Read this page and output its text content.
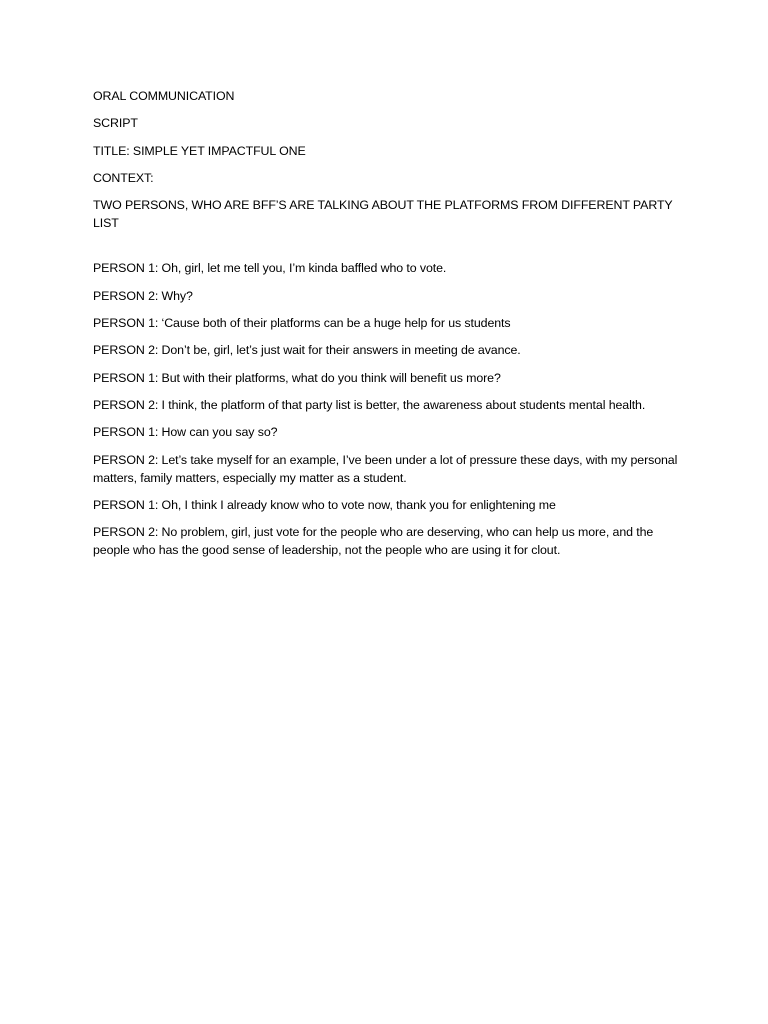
ORAL COMMUNICATION

SCRIPT

TITLE: SIMPLE YET IMPACTFUL ONE

CONTEXT:

TWO PERSONS, WHO ARE BFF’S ARE TALKING ABOUT THE PLATFORMS FROM DIFFERENT PARTY LIST

PERSON 1: Oh, girl, let me tell you, I’m kinda baffled who to vote.

PERSON 2: Why?

PERSON 1: ‘Cause both of their platforms can be a huge help for us students

PERSON 2: Don’t be, girl, let’s just wait for their answers in meeting de avance.

PERSON 1: But with their platforms, what do you think will benefit us more?

PERSON 2: I think, the platform of that party list is better, the awareness about students mental health.

PERSON 1: How can you say so?

PERSON 2: Let’s take myself for an example, I’ve been under a lot of pressure these days, with my personal matters, family matters, especially my matter as a student.

PERSON 1: Oh, I think I already know who to vote now, thank you for enlightening me

PERSON 2: No problem, girl, just vote for the people who are deserving, who can help us more, and the people who has the good sense of leadership, not the people who are using it for clout.
